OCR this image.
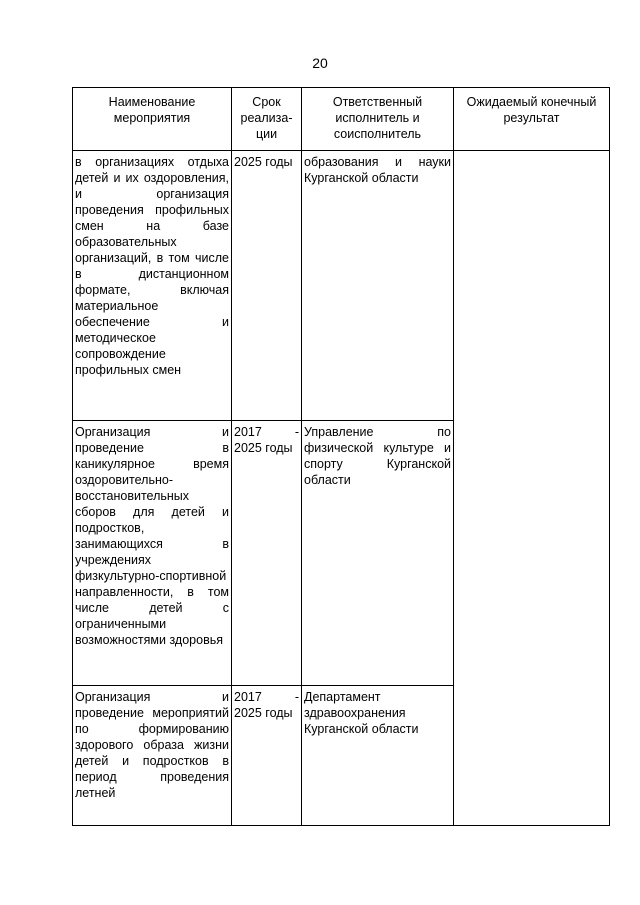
20
Наименование мероприятия	Срок реализа-ции	Ответственный исполнитель и соисполнитель	Ожидаемый конечный результат

в организациях отдыха детей и их оздоровления, и организация проведения профильных смен на базе образовательных организаций, в том числе в дистанционном формате, включая материальное обеспечение и методическое сопровождение профильных смен	2025 годы	образования и науки Курганской области	

Организация и проведение в каникулярное время оздоровительно-восстановительных сборов для детей и подростков, занимающихся в учреждениях физкультурно-спортивной направленности, в том числе детей с ограниченными возможностями здоровья	2017 - 2025 годы	Управление по физической культуре и спорту Курганской области	

Организация и проведение мероприятий по формированию здорового образа жизни детей и подростков в период проведения летней	2017 - 2025 годы	Департамент здравоохранения Курганской области	
